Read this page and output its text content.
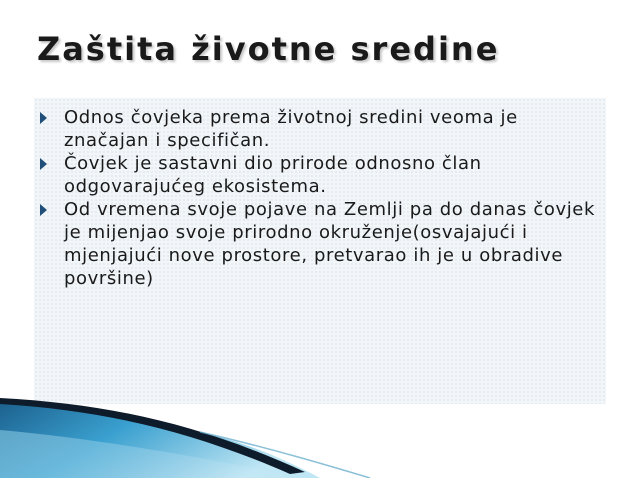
Zaštita životne sredine
Odnos čovjeka prema životnoj sredini veoma je značajan i specifičan.
Čovjek je sastavni dio prirode odnosno član odgovarajućeg ekosistema.
Od vremena svoje pojave na Zemlji pa do danas čovjek je mijenjao svoje prirodno okruženje(osvajajući i mjenjajući nove prostore, pretvarao ih je u obradive površine)
